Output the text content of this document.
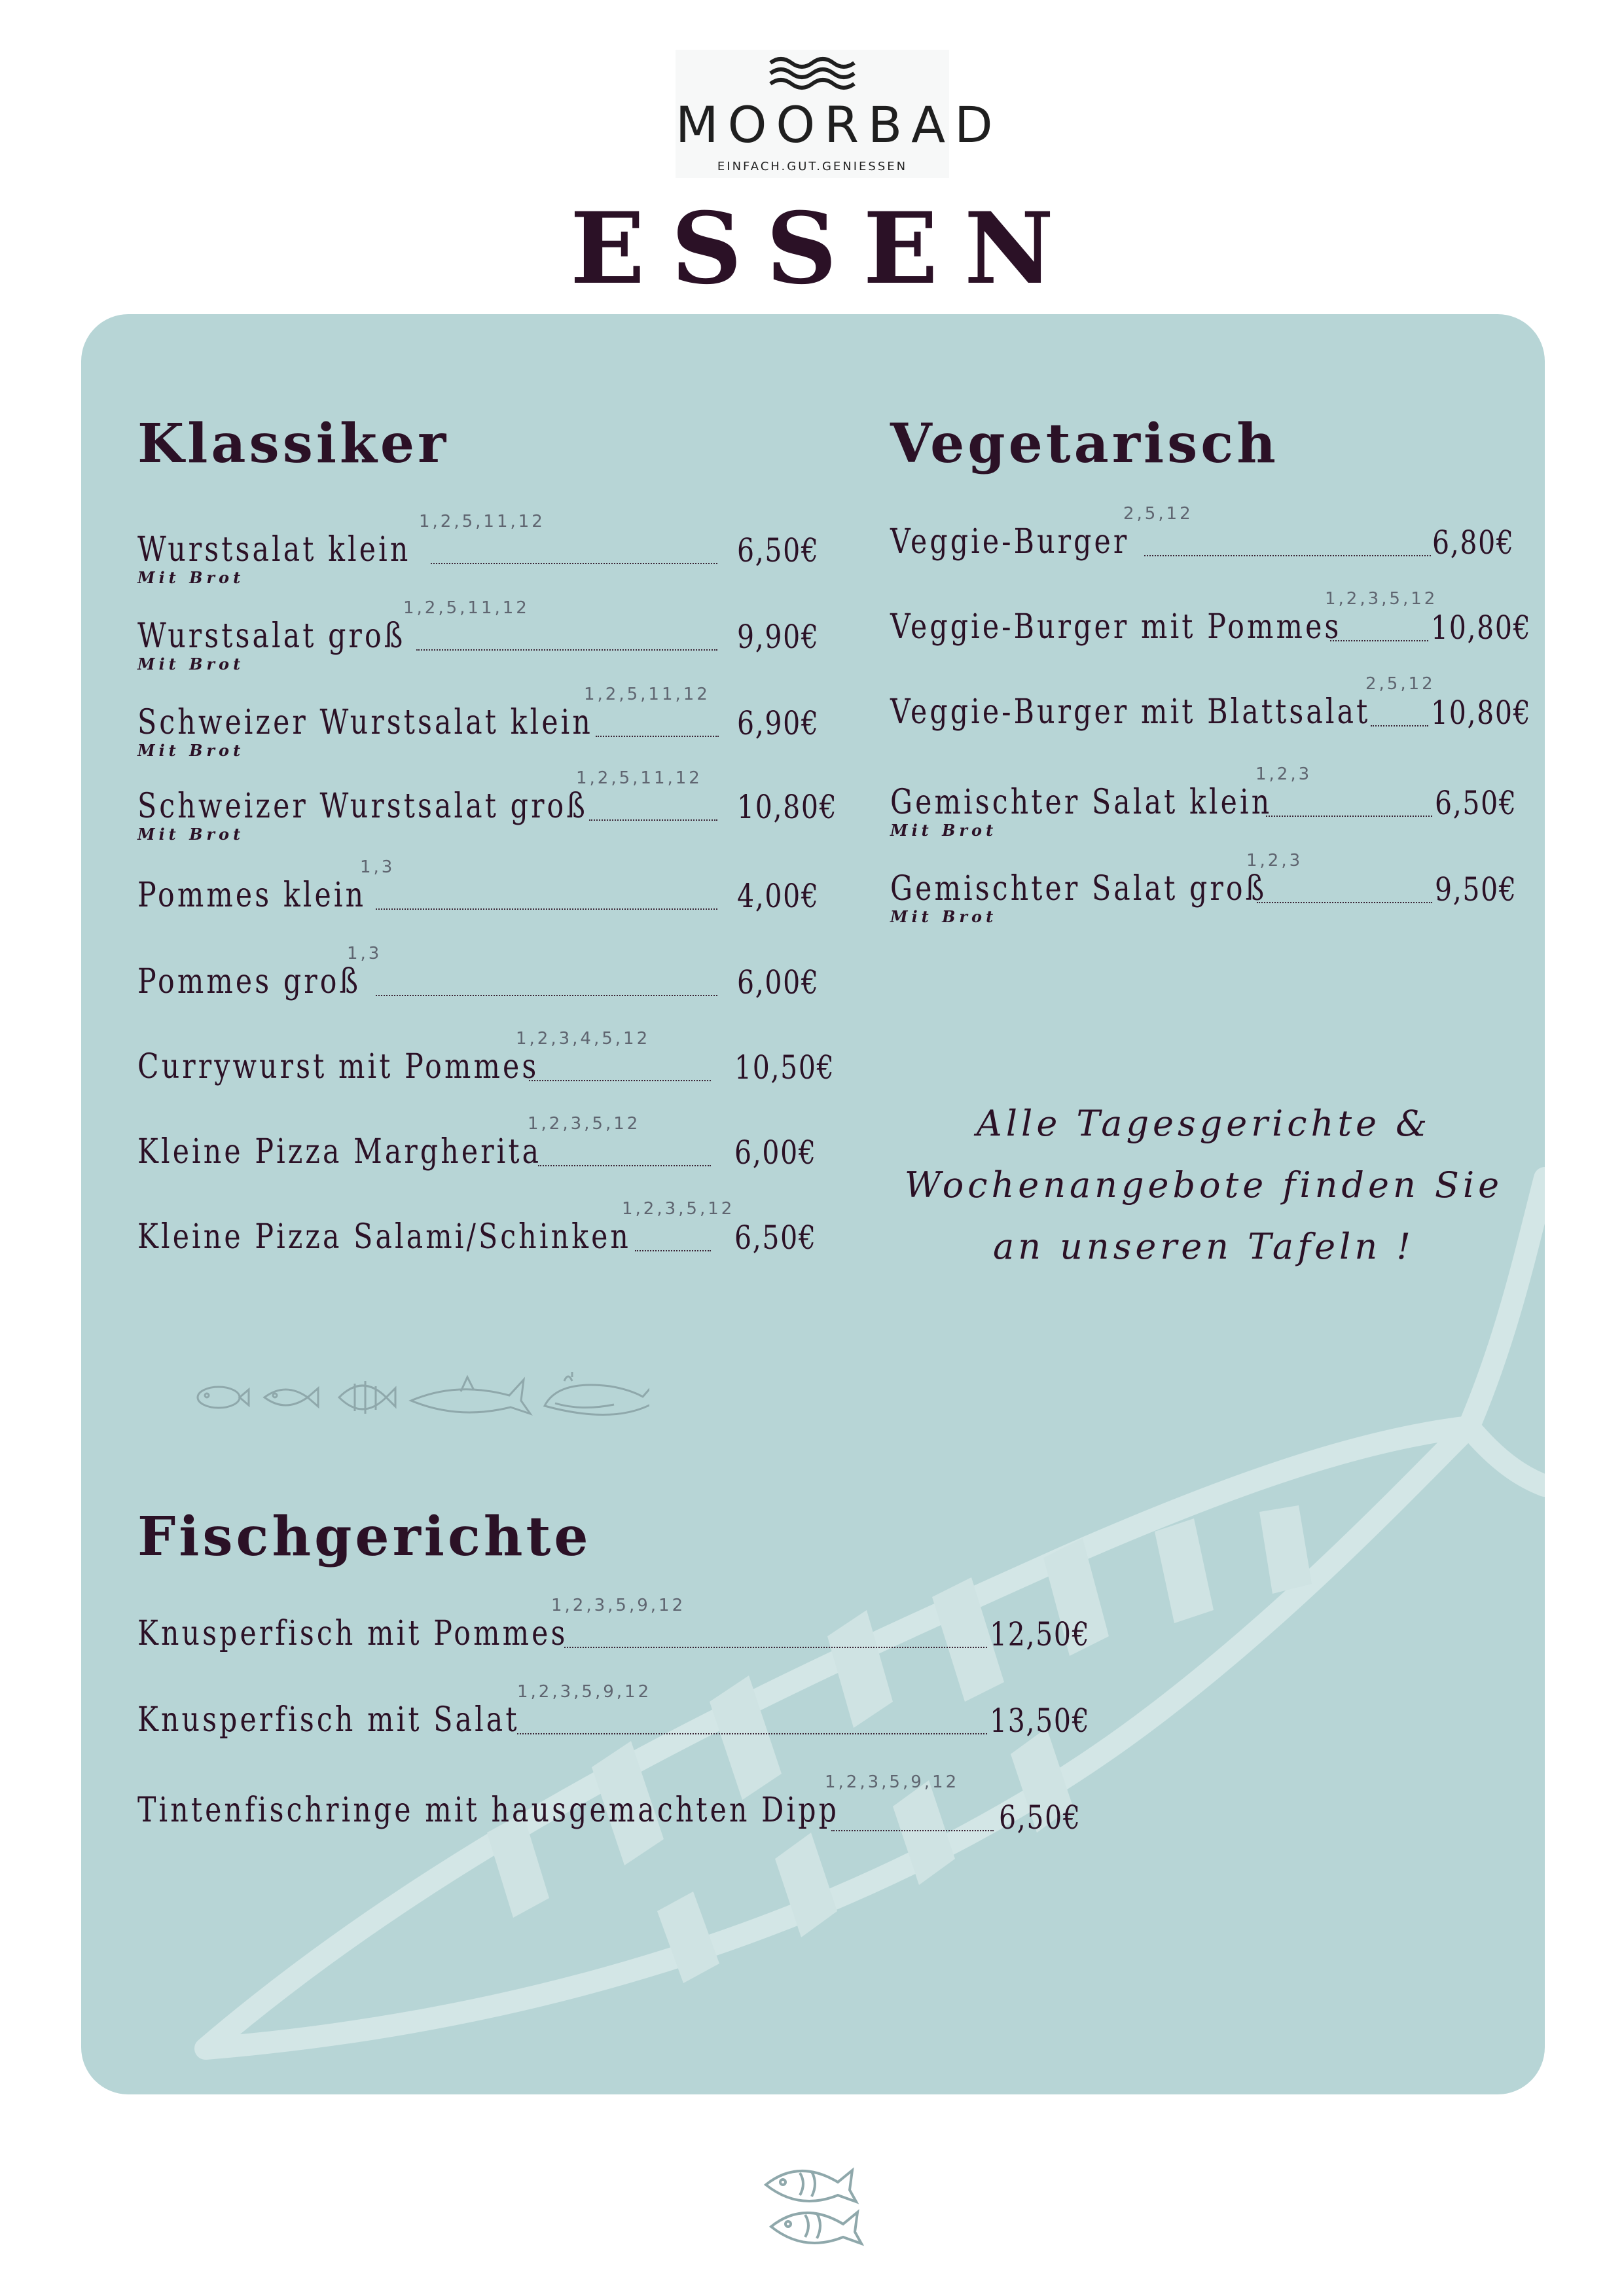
MOORBAD
EINFACH.GUT.GENIESSEN
ESSEN
Klassiker
Wurstsalat klein
1,2,5,11,12
6,50€
Mit Brot
Wurstsalat groß
1,2,5,11,12
9,90€
Mit Brot
Schweizer Wurstsalat klein
1,2,5,11,12
6,90€
Mit Brot
Schweizer Wurstsalat groß
1,2,5,11,12
10,80€
Mit Brot
Pommes klein
1,3
4,00€
Pommes groß
1,3
6,00€
Currywurst mit Pommes
1,2,3,4,5,12
10,50€
Kleine Pizza Margherita
1,2,3,5,12
6,00€
Kleine Pizza Salami/Schinken
1,2,3,5,12
6,50€
Vegetarisch
Veggie-Burger
2,5,12
6,80€
Veggie-Burger mit Pommes
1,2,3,5,12
10,80€
Veggie-Burger mit Blattsalat
2,5,12
10,80€
Gemischter Salat klein
1,2,3
6,50€
Mit Brot
Gemischter Salat groß
1,2,3
9,50€
Mit Brot

Alle Tagesgerichte &
Wochenangebote finden Sie
an unseren Tafeln !

Fischgerichte
Knusperfisch mit Pommes
1,2,3,5,9,12
12,50€
Knusperfisch mit Salat
1,2,3,5,9,12
13,50€
Tintenfischringe mit hausgemachten Dipp
1,2,3,5,9,12
6,50€
